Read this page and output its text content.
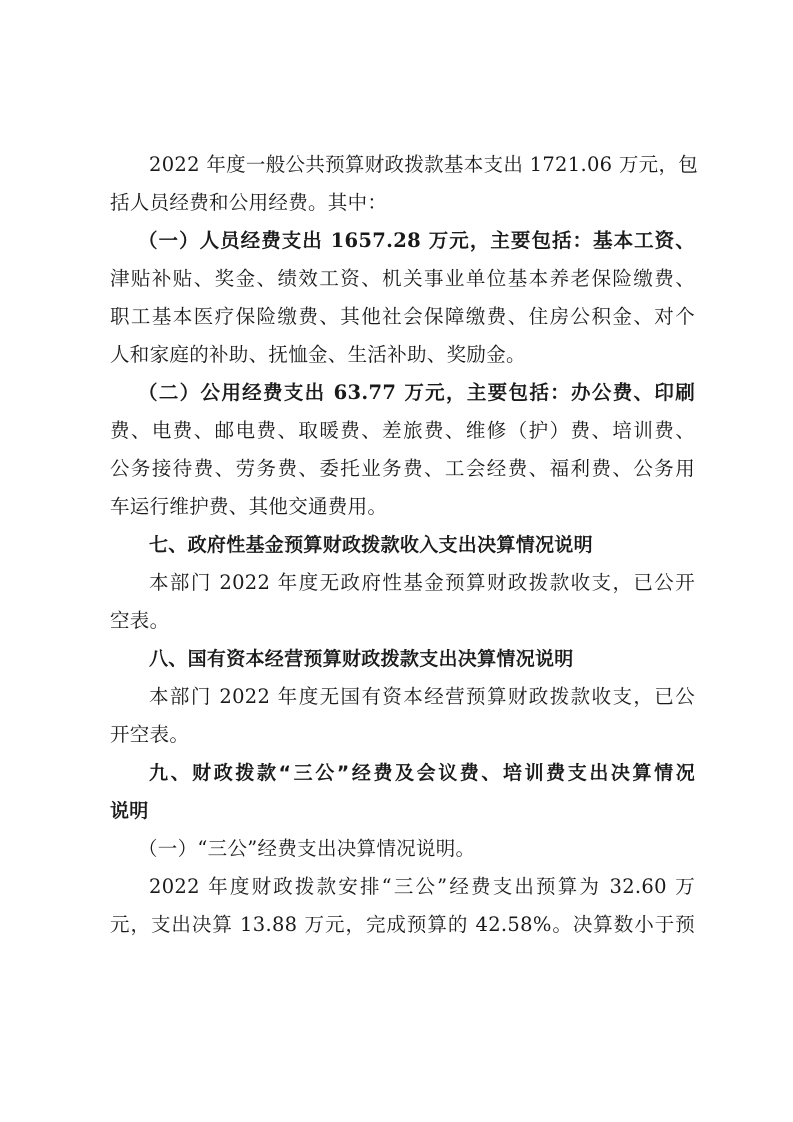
2022 年度一般公共预算财政拨款基本支出 1721.06 万元，包
括人员经费和公用经费。其中：
（一）人员经费支出 1657.28 万元，主要包括：基本工资、
津贴补贴、奖金、绩效工资、机关事业单位基本养老保险缴费、
职工基本医疗保险缴费、其他社会保障缴费、住房公积金、对个
人和家庭的补助、抚恤金、生活补助、奖励金。
（二）公用经费支出 63.77 万元，主要包括：办公费、印刷
费、电费、邮电费、取暖费、差旅费、维修（护）费、培训费、
公务接待费、劳务费、委托业务费、工会经费、福利费、公务用
车运行维护费、其他交通费用。
七、政府性基金预算财政拨款收入支出决算情况说明
本部门 2022 年度无政府性基金预算财政拨款收支，已公开
空表。
八、国有资本经营预算财政拨款支出决算情况说明
本部门 2022 年度无国有资本经营预算财政拨款收支，已公
开空表。
九、财政拨款“三公”经费及会议费、培训费支出决算情况
说明
（一）“三公”经费支出决算情况说明。
2022 年度财政拨款安排“三公”经费支出预算为 32.60 万
元，支出决算 13.88 万元，完成预算的 42.58%。决算数小于预
